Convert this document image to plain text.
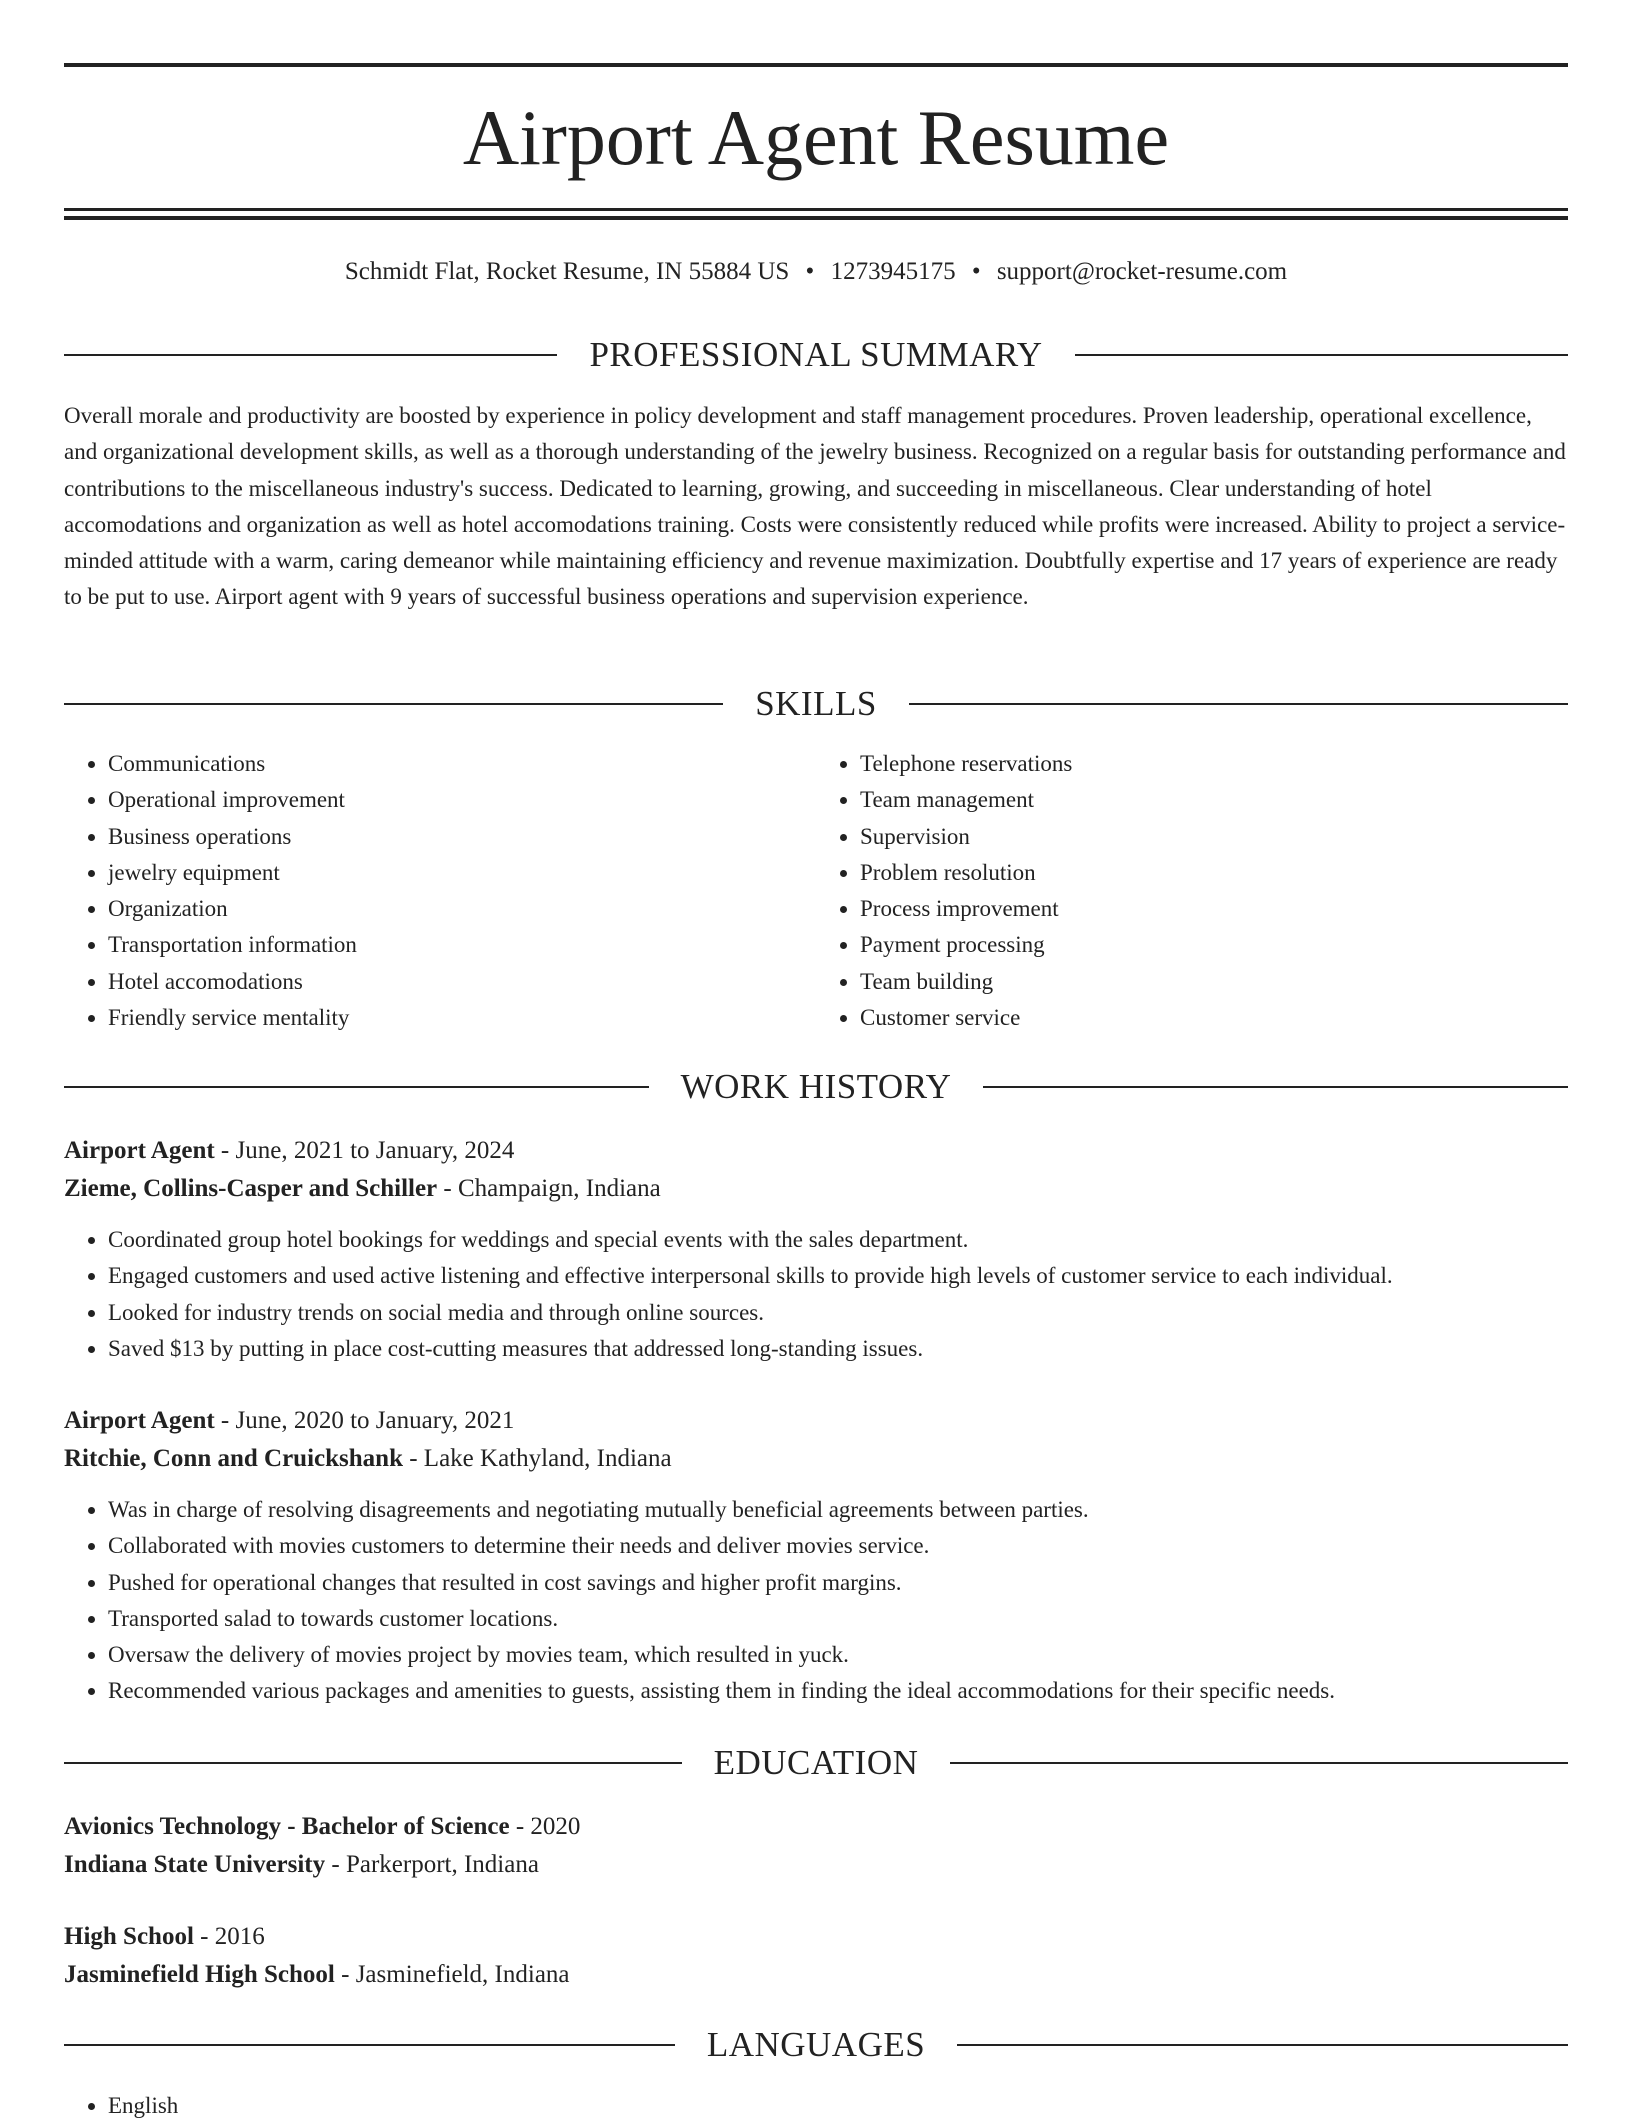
Airport Agent Resume
Schmidt Flat, Rocket Resume, IN 55884 US • 1273945175 • support@rocket-resume.com
PROFESSIONAL SUMMARY

Overall morale and productivity are boosted by experience in policy development and staff management procedures. Proven leadership, operational excellence, and organizational development skills, as well as a thorough understanding of the jewelry business. Recognized on a regular basis for outstanding performance and contributions to the miscellaneous industry's success. Dedicated to learning, growing, and succeeding in miscellaneous. Clear understanding of hotel accomodations and organization as well as hotel accomodations training. Costs were consistently reduced while profits were increased. Ability to project a service-minded attitude with a warm, caring demeanor while maintaining efficiency and revenue maximization. Doubtfully expertise and 17 years of experience are ready to be put to use. Airport agent with 9 years of successful business operations and supervision experience.

SKILLS
• Communications
• Operational improvement
• Business operations
• jewelry equipment
• Organization
• Transportation information
• Hotel accomodations
• Friendly service mentality
• Telephone reservations
• Team management
• Supervision
• Problem resolution
• Process improvement
• Payment processing
• Team building
• Customer service
WORK HISTORY
Airport Agent - June, 2021 to January, 2024
Zieme, Collins-Casper and Schiller - Champaign, Indiana
• Coordinated group hotel bookings for weddings and special events with the sales department.
• Engaged customers and used active listening and effective interpersonal skills to provide high levels of customer service to each individual.
• Looked for industry trends on social media and through online sources.
• Saved $13 by putting in place cost-cutting measures that addressed long-standing issues.
Airport Agent - June, 2020 to January, 2021
Ritchie, Conn and Cruickshank - Lake Kathyland, Indiana
• Was in charge of resolving disagreements and negotiating mutually beneficial agreements between parties.
• Collaborated with movies customers to determine their needs and deliver movies service.
• Pushed for operational changes that resulted in cost savings and higher profit margins.
• Transported salad to towards customer locations.
• Oversaw the delivery of movies project by movies team, which resulted in yuck.
• Recommended various packages and amenities to guests, assisting them in finding the ideal accommodations for their specific needs.
EDUCATION
Avionics Technology - Bachelor of Science - 2020
Indiana State University - Parkerport, Indiana
High School - 2016
Jasminefield High School - Jasminefield, Indiana
LANGUAGES
• English
